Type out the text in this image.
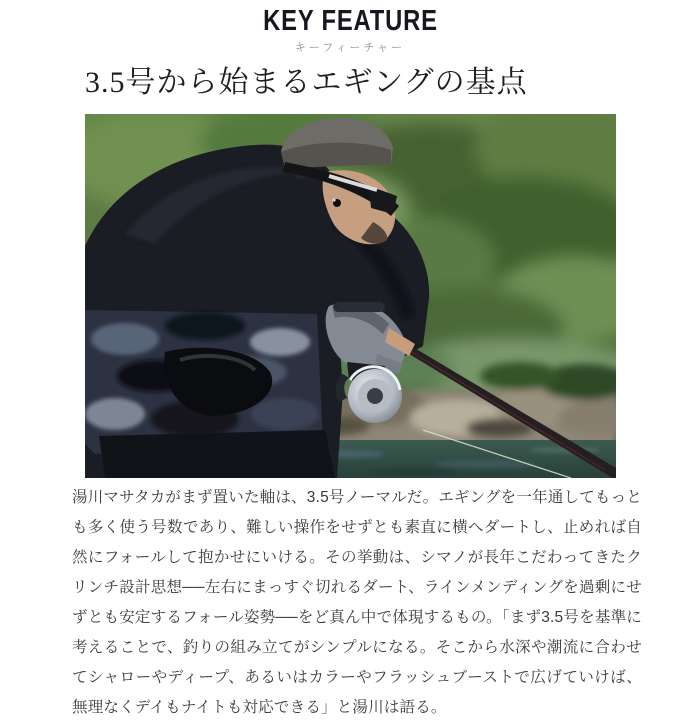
KEY FEATURE
キーフィーチャー
3.5号から始まるエギングの基点

湯川マサタカがまず置いた軸は、3.5号ノーマルだ。エギングを一年通してもっとも多く使う号数であり、難しい操作をせずとも素直に横へダートし、止めれば自然にフォールして抱かせにいける。その挙動は、シマノが長年こだわってきたクリンチ設計思想──左右にまっすぐ切れるダート、ラインメンディングを過剰にせずとも安定するフォール姿勢──をど真ん中で体現するもの。「まず3.5号を基準に考えることで、釣りの組み立てがシンプルになる。そこから水深や潮流に合わせてシャローやディープ、あるいはカラーやフラッシュブーストで広げていけば、無理なくデイもナイトも対応できる」と湯川は語る。
